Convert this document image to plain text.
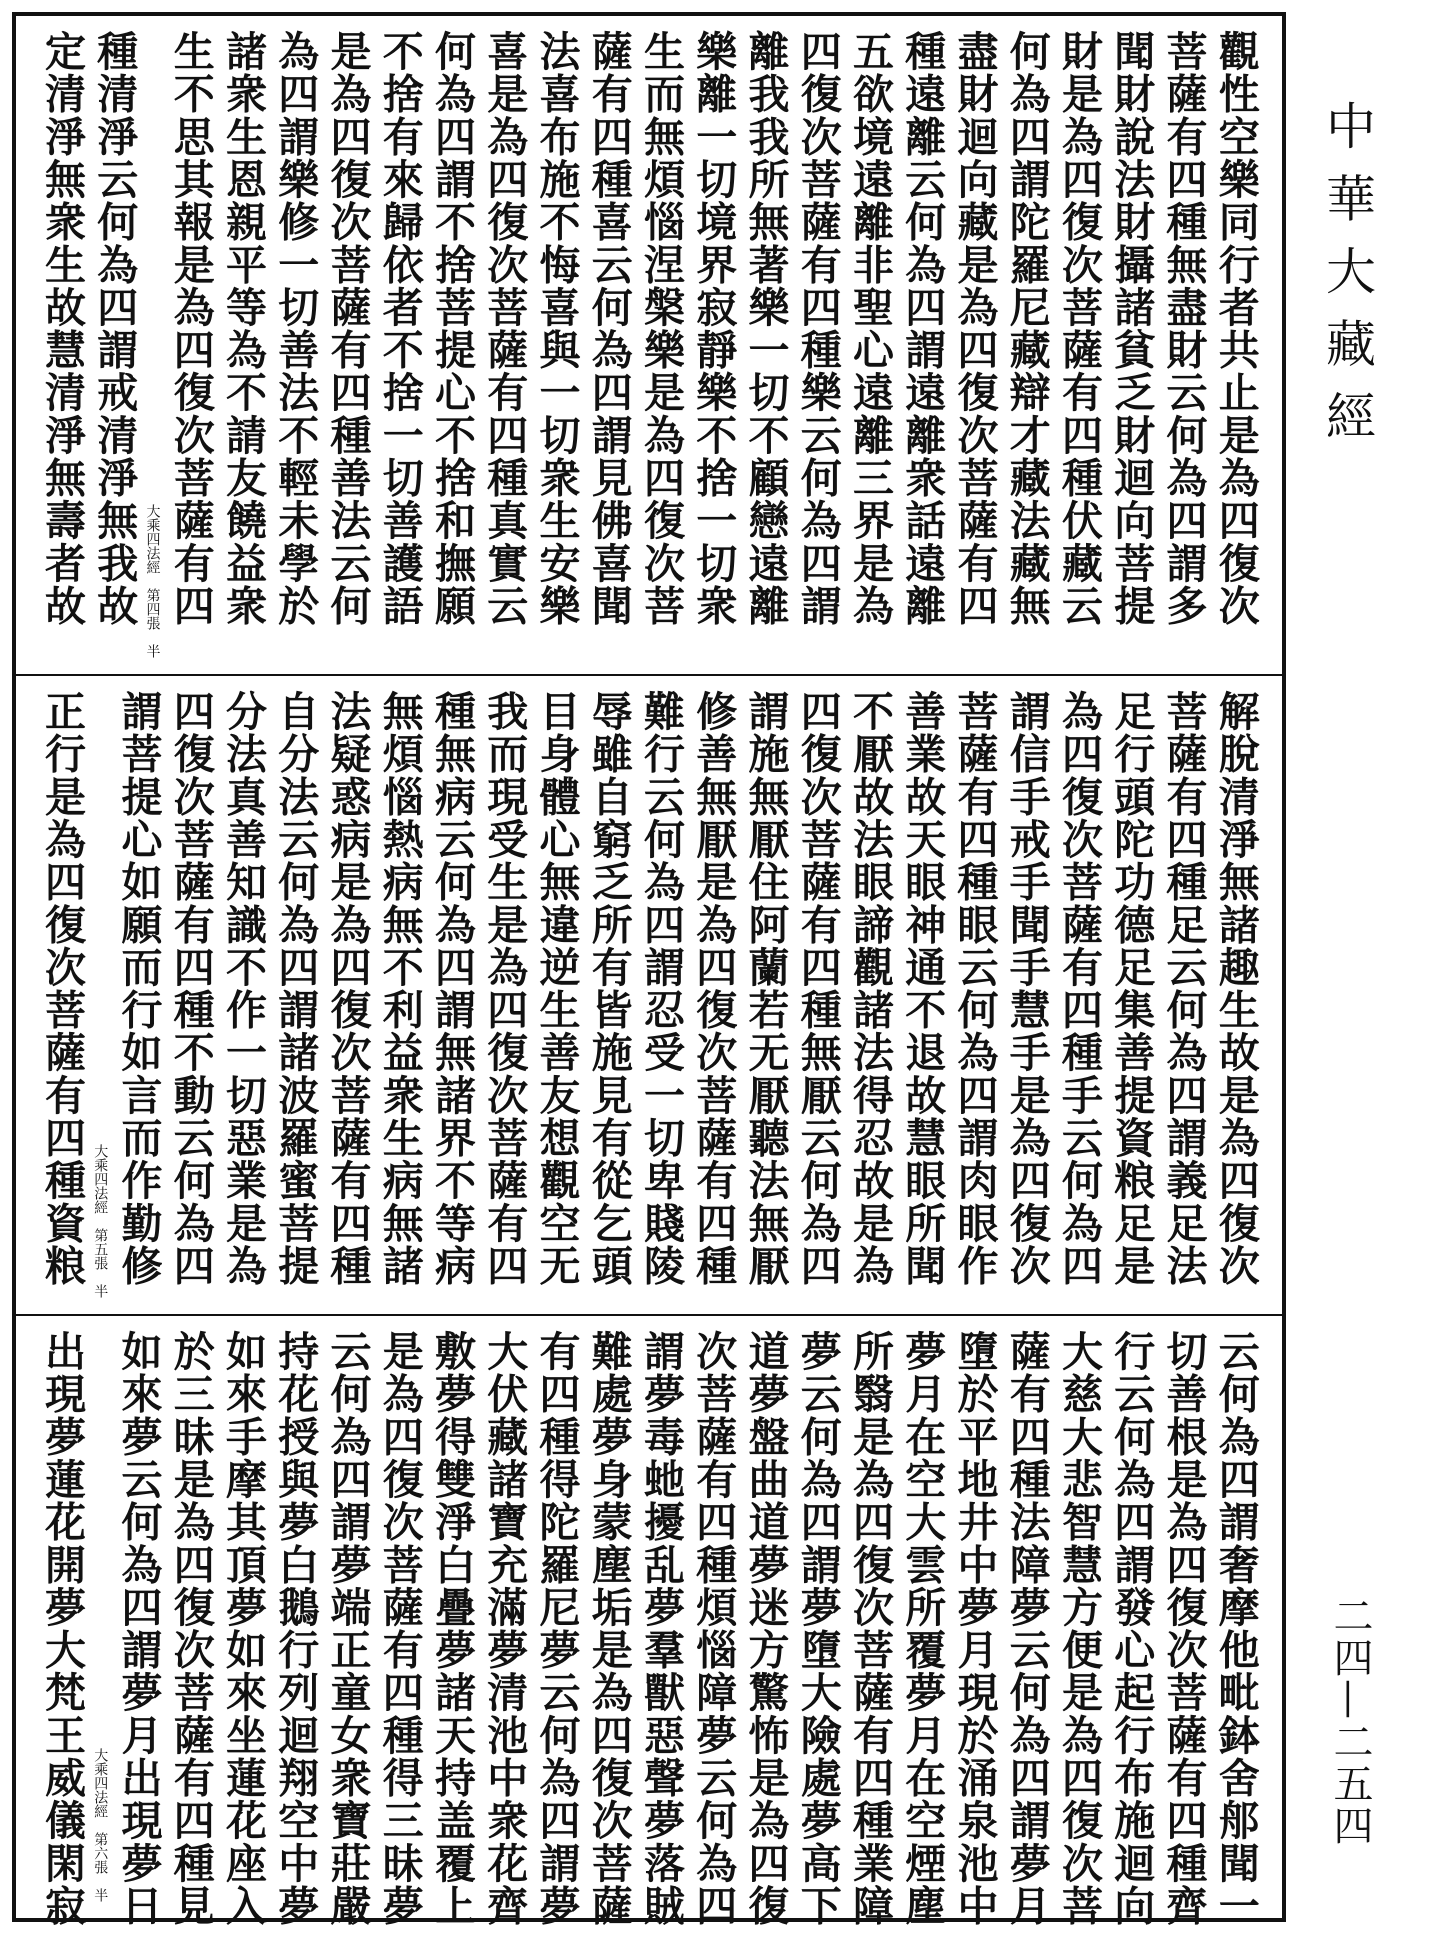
觀性空樂同行者共止是為四復次
菩薩有四種無盡財云何為四謂多
聞財說法財攝諸貧乏財迴向菩提
財是為四復次菩薩有四種伏藏云
何為四謂陀羅尼藏辯才藏法藏無
盡財迴向藏是為四復次菩薩有四
種遠離云何為四謂遠離衆話遠離
五欲境遠離非聖心遠離三界是為
四復次菩薩有四種樂云何為四謂
離我我所無著樂一切不顧戀遠離
樂離一切境界寂靜樂不捨一切衆
生而無煩惱涅槃樂是為四復次菩
薩有四種喜云何為四謂見佛喜聞
法喜布施不悔喜與一切衆生安樂
喜是為四復次菩薩有四種真實云
何為四謂不捨菩提心不捨和撫願
不捨有來歸依者不捨一切善護語
是為四復次菩薩有四種善法云何
為四謂樂修一切善法不輕未學於
諸衆生恩親平等為不請友饒益衆
生不思其報是為四復次菩薩有四
大乘四法經　第四張　半
種清淨云何為四謂戒清淨無我故
定清淨無衆生故慧清淨無壽者故
解脫清淨無諸趣生故是為四復次
菩薩有四種足云何為四謂義足法
足行頭陀功德足集善提資粮足是
為四復次菩薩有四種手云何為四
謂信手戒手聞手慧手是為四復次
菩薩有四種眼云何為四謂肉眼作
善業故天眼神通不退故慧眼所聞
不厭故法眼諦觀諸法得忍故是為
四復次菩薩有四種無厭云何為四
謂施無厭住阿蘭若无厭聽法無厭
修善無厭是為四復次菩薩有四種
難行云何為四謂忍受一切卑賤陵
辱雖自窮乏所有皆施見有從乞頭
目身體心無違逆生善友想觀空无
我而現受生是為四復次菩薩有四
種無病云何為四謂無諸界不等病
無煩惱熱病無不利益衆生病無諸
法疑惑病是為四復次菩薩有四種
自分法云何為四謂諸波羅蜜菩提
分法真善知識不作一切惡業是為
四復次菩薩有四種不動云何為四
謂菩提心如願而行如言而作勤修
大乘四法經　第五張　半
正行是為四復次菩薩有四種資粮
云何為四謂奢摩他毗鉢舍郍聞一
切善根是為四復次菩薩有四種齊
行云何為四謂發心起行布施迴向
大慈大悲智慧方便是為四復次菩
薩有四種法障夢云何為四謂夢月
墮於平地井中夢月現於涌泉池中
夢月在空大雲所覆夢月在空煙塵
所翳是為四復次菩薩有四種業障
夢云何為四謂夢墮大險處夢高下
道夢盤曲道夢迷方驚怖是為四復
次菩薩有四種煩惱障夢云何為四
謂夢毒虵擾乱夢羣獸惡聲夢落賊
難處夢身蒙塵垢是為四復次菩薩
有四種得陀羅尼夢云何為四謂夢
大伏藏諸寶充滿夢清池中衆花齊
敷夢得雙淨白疊夢諸天持盖覆上
是為四復次菩薩有四種得三昧夢
云何為四謂夢端正童女衆寶莊嚴
持花授與夢白鵝行列迴翔空中夢
如來手摩其頂夢如來坐蓮花座入
於三昧是為四復次菩薩有四種見
如來夢云何為四謂夢月出現夢日
大乘四法經　第六張　半
出現夢蓮花開夢大梵王威儀閑寂
中華大藏經
二四—二五四
